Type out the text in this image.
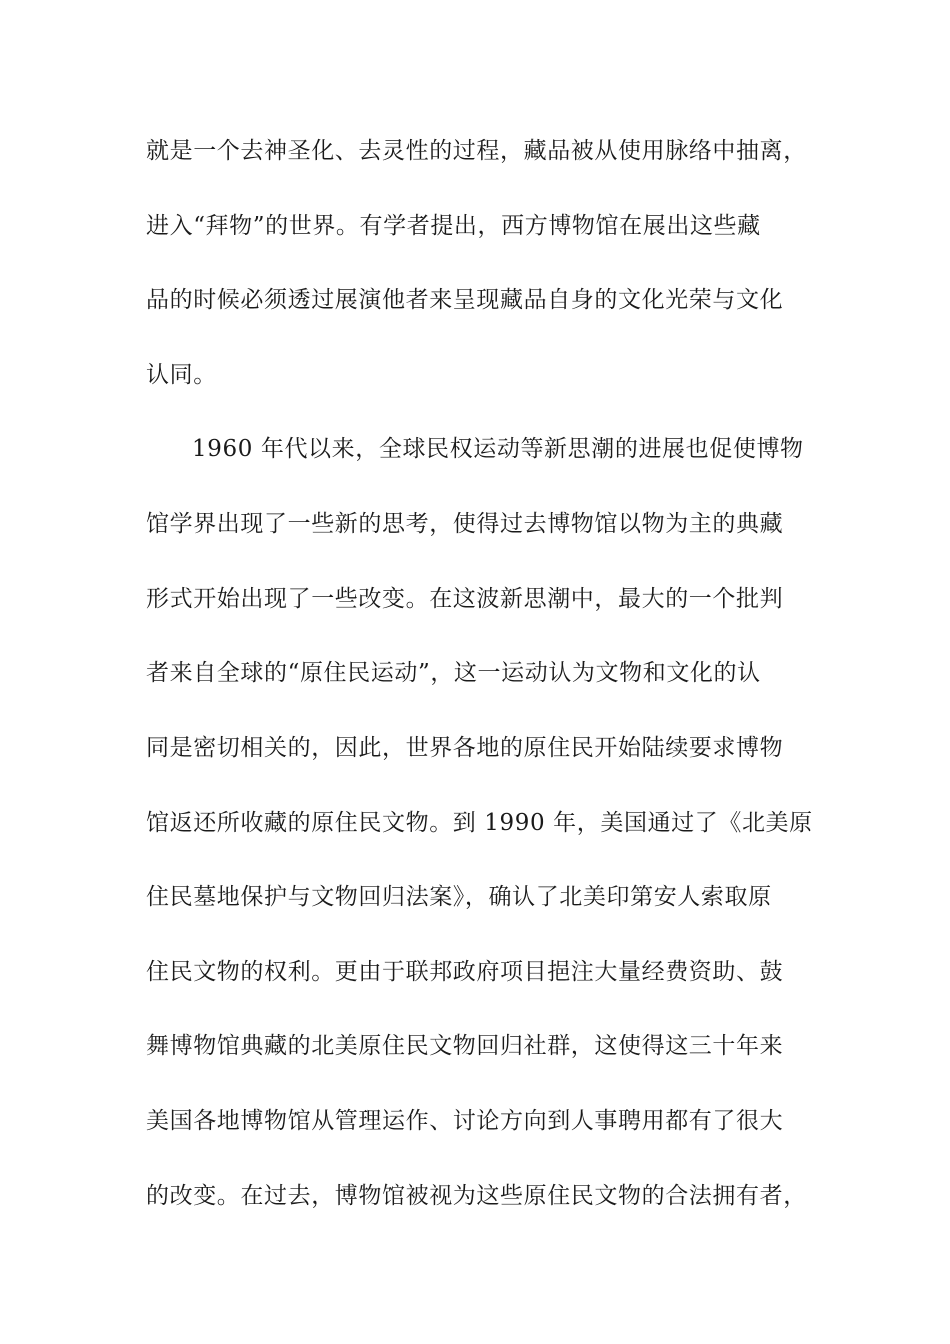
就是一个去神圣化、去灵性的过程，藏品被从使用脉络中抽离，
进入“拜物”的世界。有学者提出，西方博物馆在展出这些藏
品的时候必须透过展演他者来呈现藏品自身的文化光荣与文化
认同。
1960 年代以来，全球民权运动等新思潮的进展也促使博物
馆学界出现了一些新的思考，使得过去博物馆以物为主的典藏
形式开始出现了一些改变。在这波新思潮中，最大的一个批判
者来自全球的“原住民运动”，这一运动认为文物和文化的认
同是密切相关的，因此，世界各地的原住民开始陆续要求博物
馆返还所收藏的原住民文物。到 1990 年，美国通过了《北美原
住民墓地保护与文物回归法案》，确认了北美印第安人索取原
住民文物的权利。更由于联邦政府项目挹注大量经费资助、鼓
舞博物馆典藏的北美原住民文物回归社群，这使得这三十年来
美国各地博物馆从管理运作、讨论方向到人事聘用都有了很大
的改变。在过去，博物馆被视为这些原住民文物的合法拥有者，
